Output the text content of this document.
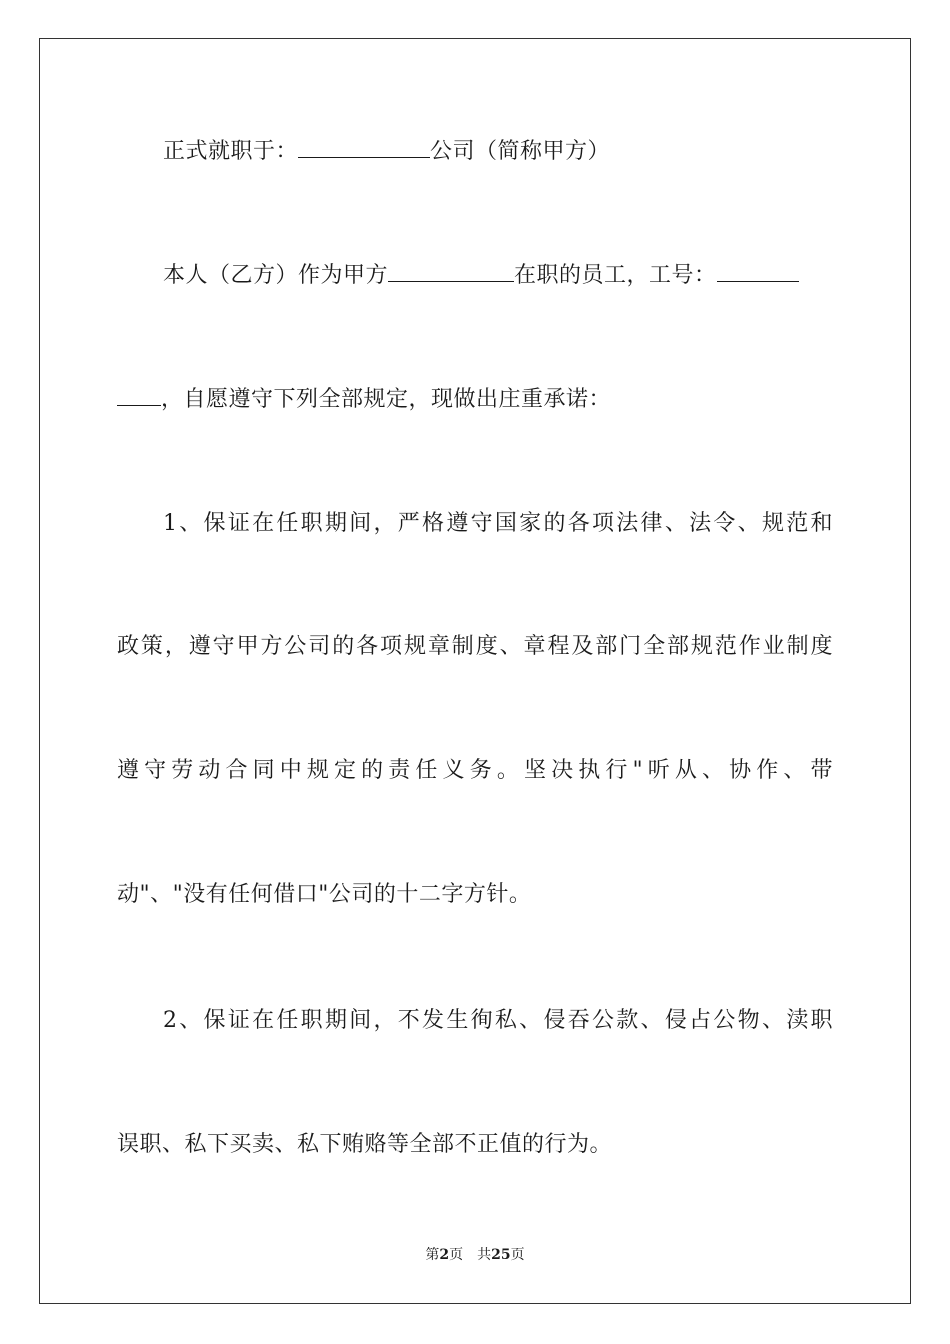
正式就职于：	公司（简称甲方）
本人（乙方）作为甲方	在职的员工，工号：
，自愿遵守下列全部规定，现做出庄重承诺：
1、保证在任职期间，严格遵守国家的各项法律、法令、规范和
政策，遵守甲方公司的各项规章制度、章程及部门全部规范作业制度
遵守劳动合同中规定的责任义务。坚决执行"听从、协作、带
动"、"没有任何借口"公司的十二字方针。
2、保证在任职期间，不发生徇私、侵吞公款、侵占公物、渎职
误职、私下买卖、私下贿赂等全部不正值的行为。
第2页　共25页
